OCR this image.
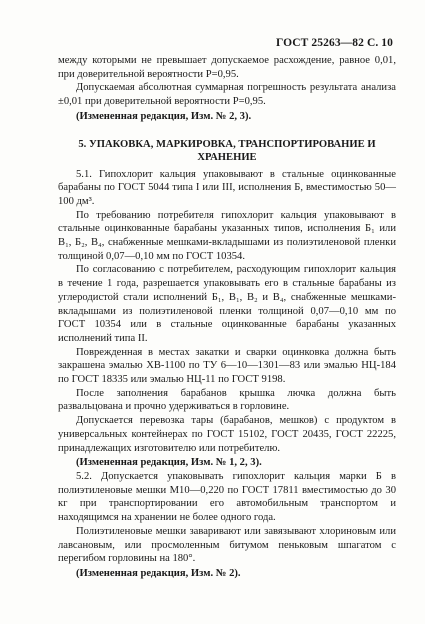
ГОСТ 25263—82 С. 10

между которыми не превышает допускаемое расхождение, равное 0,01, при доверительной вероятности P=0,95.

Допускаемая абсолютная суммарная погрешность результата анализа ±0,01 при доверительной вероятности P=0,95.

(Измененная редакция, Изм. № 2, 3).

5. УПАКОВКА, МАРКИРОВКА, ТРАНСПОРТИРОВАНИЕ И ХРАНЕНИЕ

5.1. Гипохлорит кальция упаковывают в стальные оцинкованные барабаны по ГОСТ 5044 типа I или III, исполнения Б, вместимостью 50—100 дм³.

По требованию потребителя гипохлорит кальция упаковывают в стальные оцинкованные барабаны указанных типов, исполнения Б₁ или В₁, Б₂, В₄, снабженные мешками-вкладышами из полиэтиленовой пленки толщиной 0,07—0,10 мм по ГОСТ 10354.

По согласованию с потребителем, расходующим гипохлорит кальция в течение 1 года, разрешается упаковывать его в стальные барабаны из углеродистой стали исполнений Б₁, В₁, В₂ и В₄, снабженные мешками-вкладышами из полиэтиленовой пленки толщиной 0,07—0,10 мм по ГОСТ 10354 или в стальные оцинкованные барабаны указанных исполнений типа II.

Поврежденная в местах закатки и сварки оцинковка должна быть закрашена эмалью ХВ-1100 по ТУ 6—10—1301—83 или эмалью НЦ-184 по ГОСТ 18335 или эмалью НЦ-11 по ГОСТ 9198.

После заполнения барабанов крышка лючка должна быть развальцована и прочно удерживаться в горловине.

Допускается перевозка тары (барабанов, мешков) с продуктом в универсальных контейнерах по ГОСТ 15102, ГОСТ 20435, ГОСТ 22225, принадлежащих изготовителю или потребителю.

(Измененная редакция, Изм. № 1, 2, 3).

5.2. Допускается упаковывать гипохлорит кальция марки Б в полиэтиленовые мешки М10—0,220 по ГОСТ 17811 вместимостью до 30 кг при транспортировании его автомобильным транспортом и находящимся на хранении не более одного года.

Полиэтиленовые мешки заваривают или завязывают хлориновым или лавсановым, или просмоленным битумом пеньковым шпагатом с перегибом горловины на 180°.

(Измененная редакция, Изм. № 2).
